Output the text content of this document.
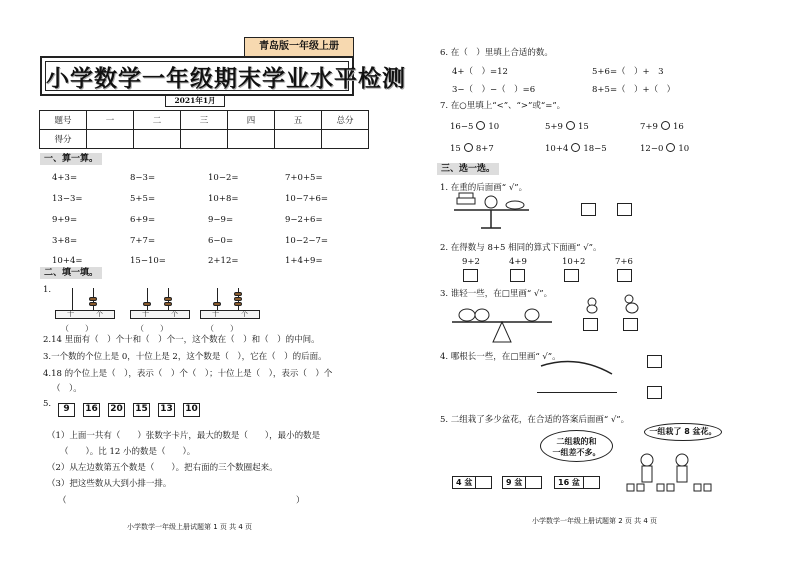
青岛版一年级上册
小学数学一年级期末学业水平检测
2021年1月
题号	一	二	三	四	五	总分
得分						
一、算一算。
4+3=	8−3=	10−2=	7+0+5=
13−3=	5+5=	10+8=	10−7+6=
9+9=	6+9=	9−9=	9−2+6=
3+8=	7+7=	6−0=	10−2−7=
10+4=	15−10=	2+12=	1+4+9=
二、填一填。
1.
十	个
（　　）
十	个
（　　）
十	个
（　　）
2.14 里面有（　）个十和（　）个一，这个数在（　）和（　）的中间。
3.一个数的个位上是 0，十位上是 2，这个数是（　），它在（　）的后面。
4.18 的个位上是（　），表示（　）个（　）；十位上是（　），表示（　）个
（　）。
5.	9 16 20 15 13 10
（1）上面一共有（　　）张数字卡片，最大的数是（　　），最小的数是
（　　）。比 12 小的数是（　　）。
（2）从左边数第五个数是（　　）。把右面的三个数圈起来。
（3）把这些数从大到小排一排。
（　　　　　　　　　　　　　　　　　　　　　　　　　　　）
小学数学一年级上册试题第 1 页 共 4 页
6. 在（　）里填上合适的数。
4+（　）=12	5+6=（　）+　3
3−（　）−（　）=6	8+5=（　）+（　）
7. 在○里填上“<”、“>”或“=”。
16−5 10	5+9 15	7+9 16
15 8+7	10+4 18−5	12−0 10
三、选一选。
1. 在重的后面画“ √”。
2. 在得数与 8+5 相同的算式下面画“ √”。
9+2	4+9	10+2	7+6
3. 谁轻一些，在□里画“ √”。
4. 哪根长一些，在□里画“ √”。
5. 二组栽了多少盆花，在合适的答案后面画“ √”。
二组栽的和
一组差不多。
一组栽了 8 盆花。
4 盆	9 盆	16 盆
小学数学一年级上册试题第 2 页 共 4 页
